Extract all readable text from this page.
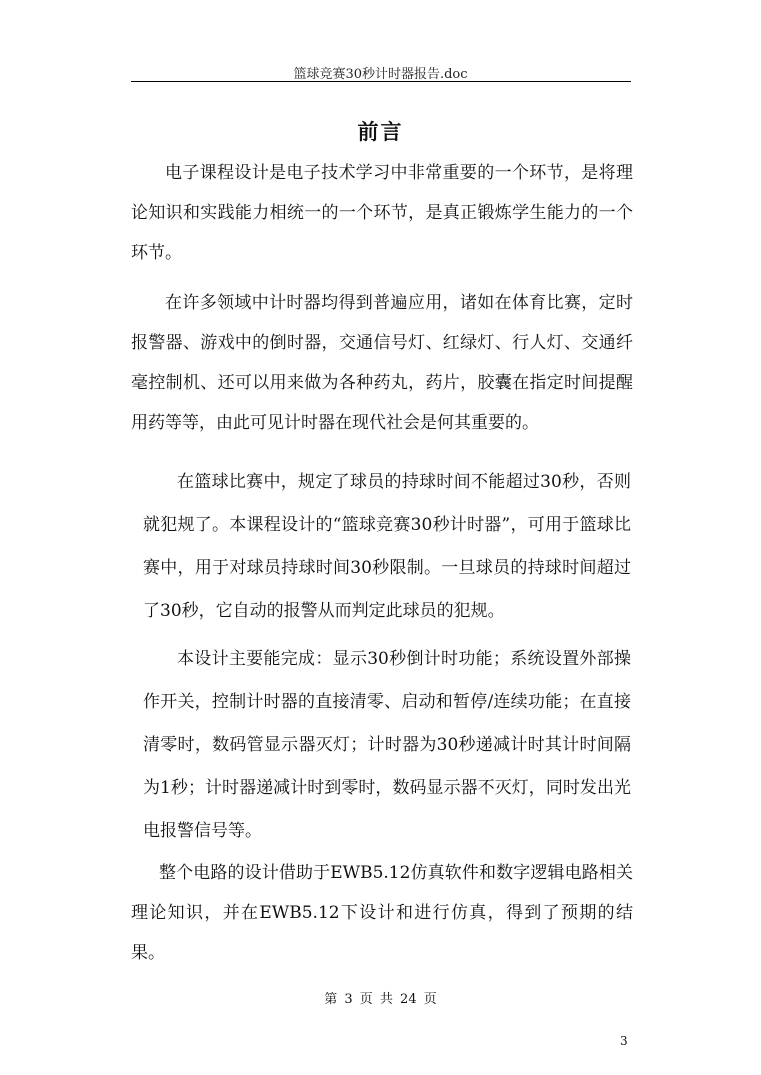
篮球竞赛30秒计时器报告.doc
前言

电子课程设计是电子技术学习中非常重要的一个环节，是将理论知识和实践能力相统一的一个环节，是真正锻炼学生能力的一个环节。

在许多领域中计时器均得到普遍应用，诸如在体育比赛，定时报警器、游戏中的倒时器，交通信号灯、红绿灯、行人灯、交通纤毫控制机、还可以用来做为各种药丸，药片，胶囊在指定时间提醒用药等等，由此可见计时器在现代社会是何其重要的。

在篮球比赛中，规定了球员的持球时间不能超过30秒，否则就犯规了。本课程设计的“篮球竞赛30秒计时器”，可用于篮球比赛中，用于对球员持球时间30秒限制。一旦球员的持球时间超过了30秒，它自动的报警从而判定此球员的犯规。

本设计主要能完成：显示30秒倒计时功能；系统设置外部操作开关，控制计时器的直接清零、启动和暂停/连续功能；在直接清零时，数码管显示器灭灯；计时器为30秒递减计时其计时间隔为1秒；计时器递减计时到零时，数码显示器不灭灯，同时发出光电报警信号等。

整个电路的设计借助于EWB5.12仿真软件和数字逻辑电路相关理论知识，并在EWB5.12下设计和进行仿真，得到了预期的结果。

第 3 页 共 24 页
3
